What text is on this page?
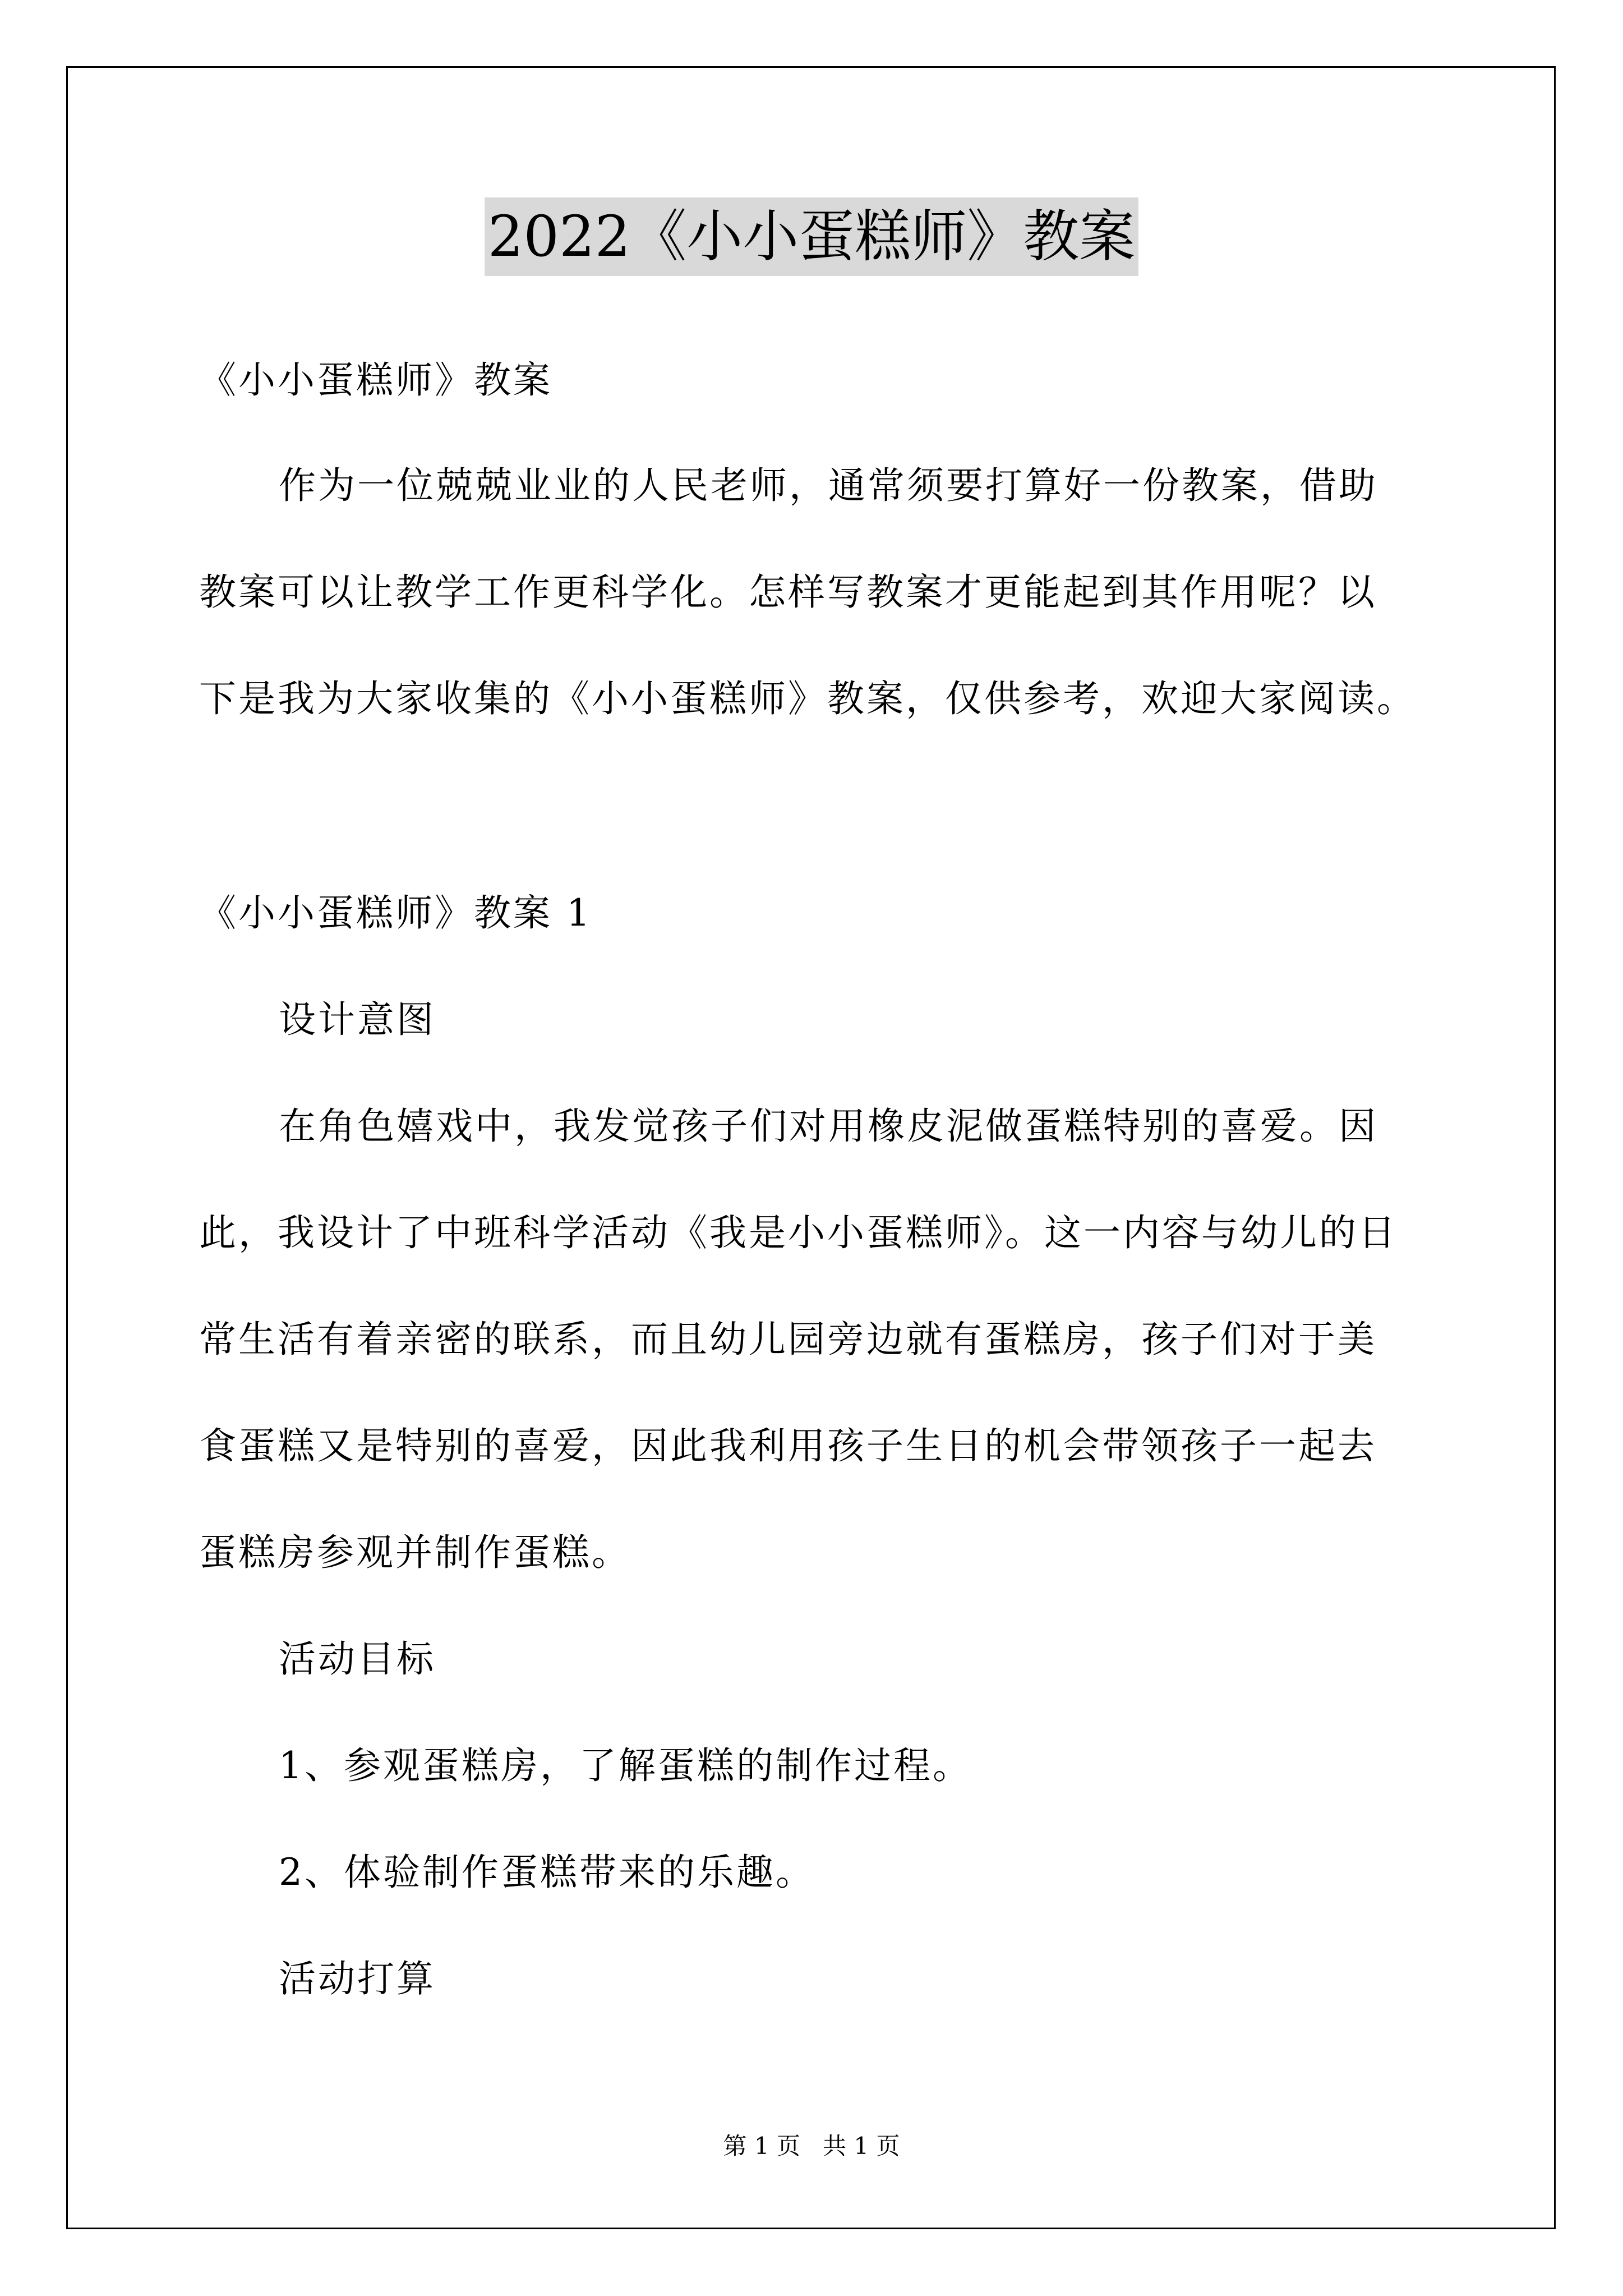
2022《小小蛋糕师》教案
《小小蛋糕师》教案
作为一位兢兢业业的人民老师，通常须要打算好一份教案，借助
教案可以让教学工作更科学化。怎样写教案才更能起到其作用呢？以
下是我为大家收集的《小小蛋糕师》教案，仅供参考，欢迎大家阅读。
《小小蛋糕师》教案 1
设计意图
在角色嬉戏中，我发觉孩子们对用橡皮泥做蛋糕特别的喜爱。因
此，我设计了中班科学活动《我是小小蛋糕师》。这一内容与幼儿的日
常生活有着亲密的联系，而且幼儿园旁边就有蛋糕房，孩子们对于美
食蛋糕又是特别的喜爱，因此我利用孩子生日的机会带领孩子一起去
蛋糕房参观并制作蛋糕。
活动目标
1、参观蛋糕房，了解蛋糕的制作过程。
2、体验制作蛋糕带来的乐趣。
活动打算
第 1 页   共 1 页
